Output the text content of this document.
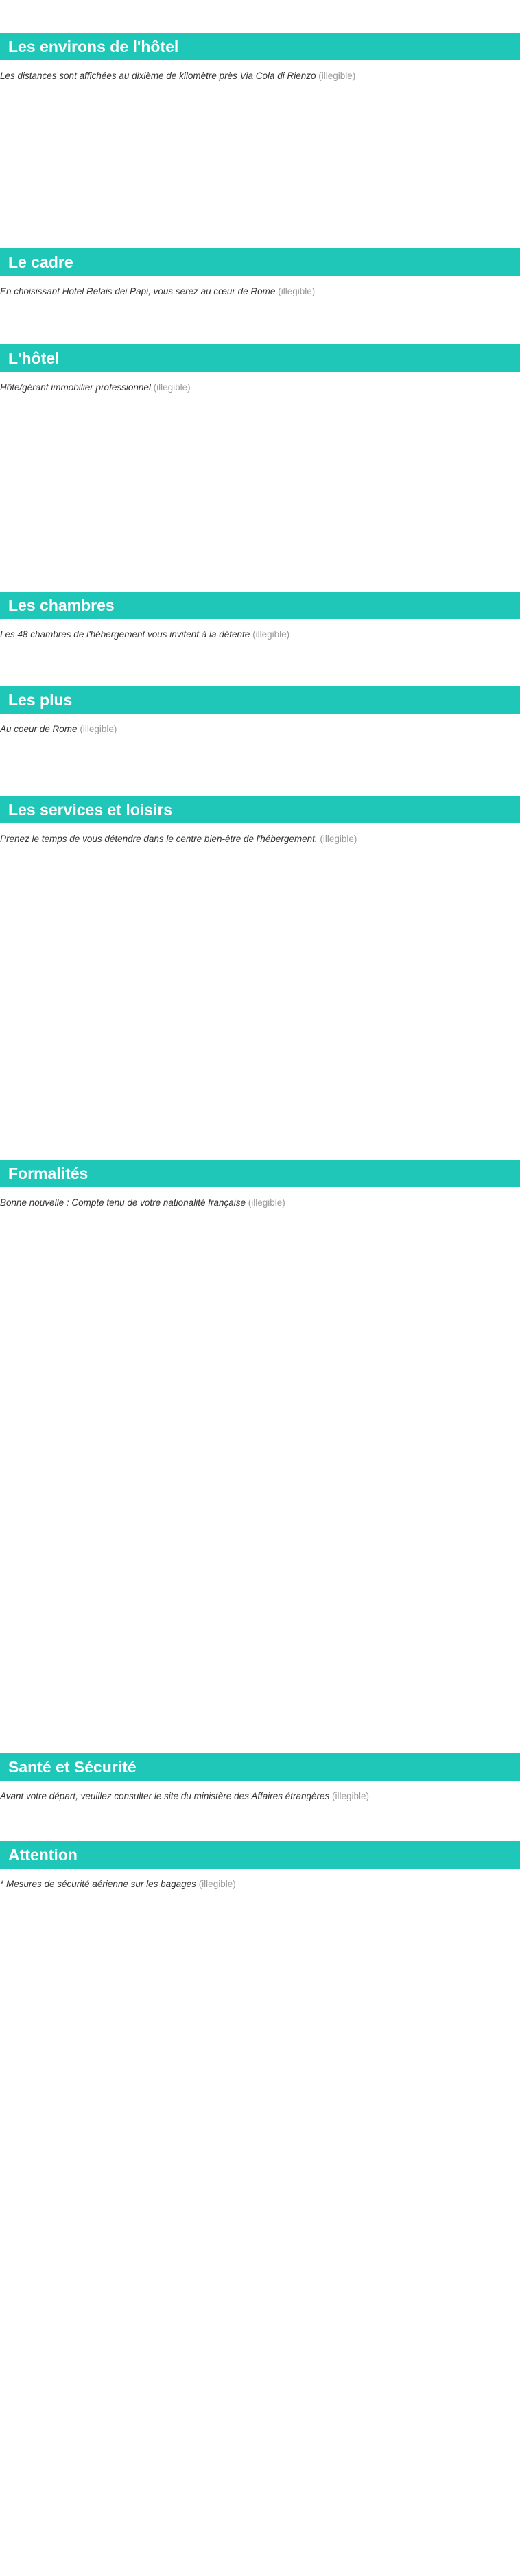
Les environs de l'hôtel
Les distances sont affichées au dixième de kilomètre près Via Cola di Rienzo (illegible)
Le cadre
En choisissant Hotel Relais dei Papi, vous serez au cœur de Rome (illegible)
L'hôtel
Hôte/gérant immobilier professionnel (illegible)
Les chambres
Les 48 chambres de l'hébergement vous invitent à la détente (illegible)
Les plus
Au coeur de Rome (illegible)
Les services et loisirs
Prenez le temps de vous détendre dans le centre bien-être de l'hébergement. (illegible)
Formalités
Bonne nouvelle : Compte tenu de votre nationalité française (illegible)
Santé et Sécurité
Avant votre départ, veuillez consulter le site du ministère des Affaires étrangères (illegible)
Attention
* Mesures de sécurité aérienne sur les bagages (illegible)
